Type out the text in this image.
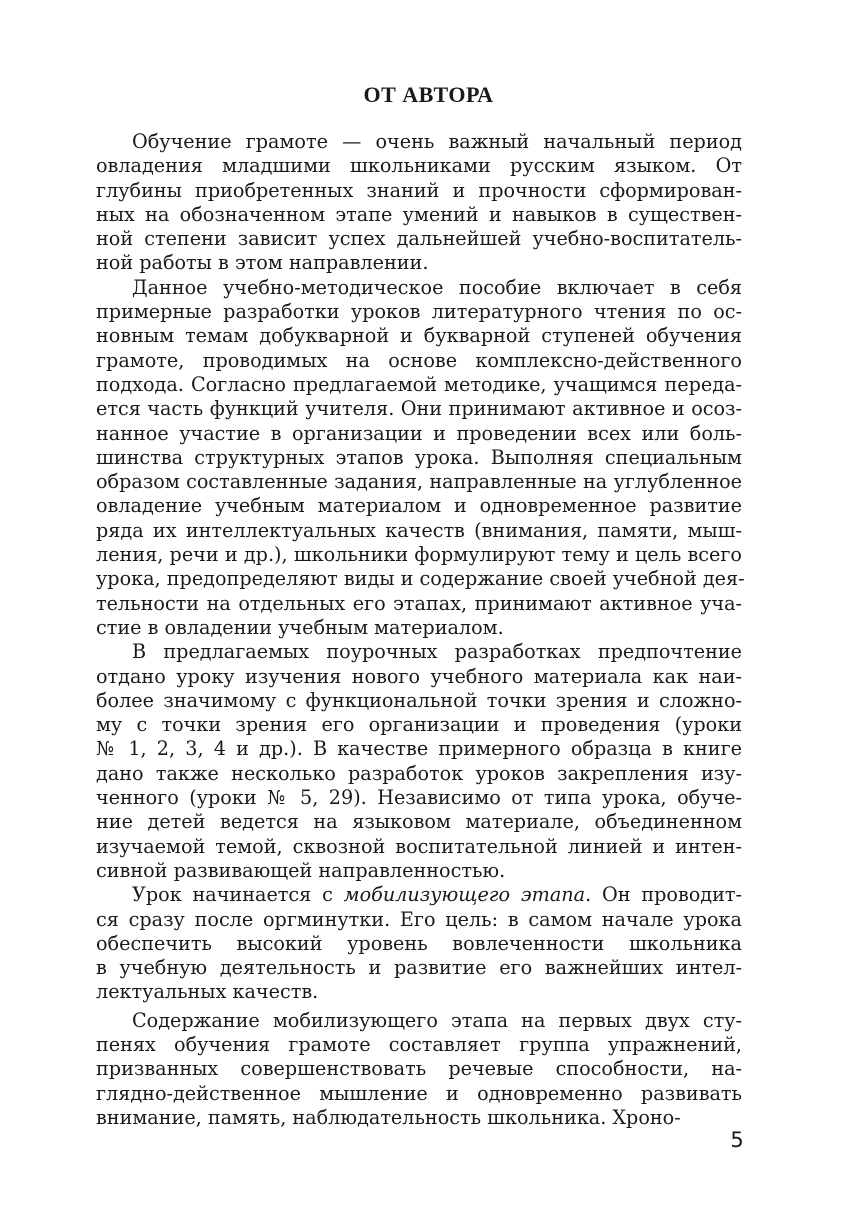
ОТ АВТОРА
Обучение грамоте — очень важный начальный период
овладения младшими школьниками русским языком. От
глубины приобретенных знаний и прочности сформирован-
ных на обозначенном этапе умений и навыков в существен-
ной степени зависит успех дальнейшей учебно-воспитатель-
ной работы в этом направлении.
Данное учебно-методическое пособие включает в себя
примерные разработки уроков литературного чтения по ос-
новным темам добукварной и букварной ступеней обучения
грамоте, проводимых на основе комплексно-действенного
подхода. Согласно предлагаемой методике, учащимся переда-
ется часть функций учителя. Они принимают активное и осоз-
нанное участие в организации и проведении всех или боль-
шинства структурных этапов урока. Выполняя специальным
образом составленные задания, направленные на углубленное
овладение учебным материалом и одновременное развитие
ряда их интеллектуальных качеств (внимания, памяти, мыш-
ления, речи и др.), школьники формулируют тему и цель всего
урока, предопределяют виды и содержание своей учебной дея-
тельности на отдельных его этапах, принимают активное уча-
стие в овладении учебным материалом.
В предлагаемых поурочных разработках предпочтение
отдано уроку изучения нового учебного материала как наи-
более значимому с функциональной точки зрения и сложно-
му с точки зрения его организации и проведения (уроки
№ 1, 2, 3, 4 и др.). В качестве примерного образца в книге
дано также несколько разработок уроков закрепления изу-
ченного (уроки № 5, 29). Независимо от типа урока, обуче-
ние детей ведется на языковом материале, объединенном
изучаемой темой, сквозной воспитательной линией и интен-
сивной развивающей направленностью.
Урок начинается с мобилизующего этапа. Он проводит-
ся сразу после оргминутки. Его цель: в самом начале урока
обеспечить высокий уровень вовлеченности школьника
в учебную деятельность и развитие его важнейших интел-
лектуальных качеств.
Содержание мобилизующего этапа на первых двух сту-
пенях обучения грамоте составляет группа упражнений,
призванных совершенствовать речевые способности, на-
глядно-действенное мышление и одновременно развивать
внимание, память, наблюдательность школьника. Хроно-
5
